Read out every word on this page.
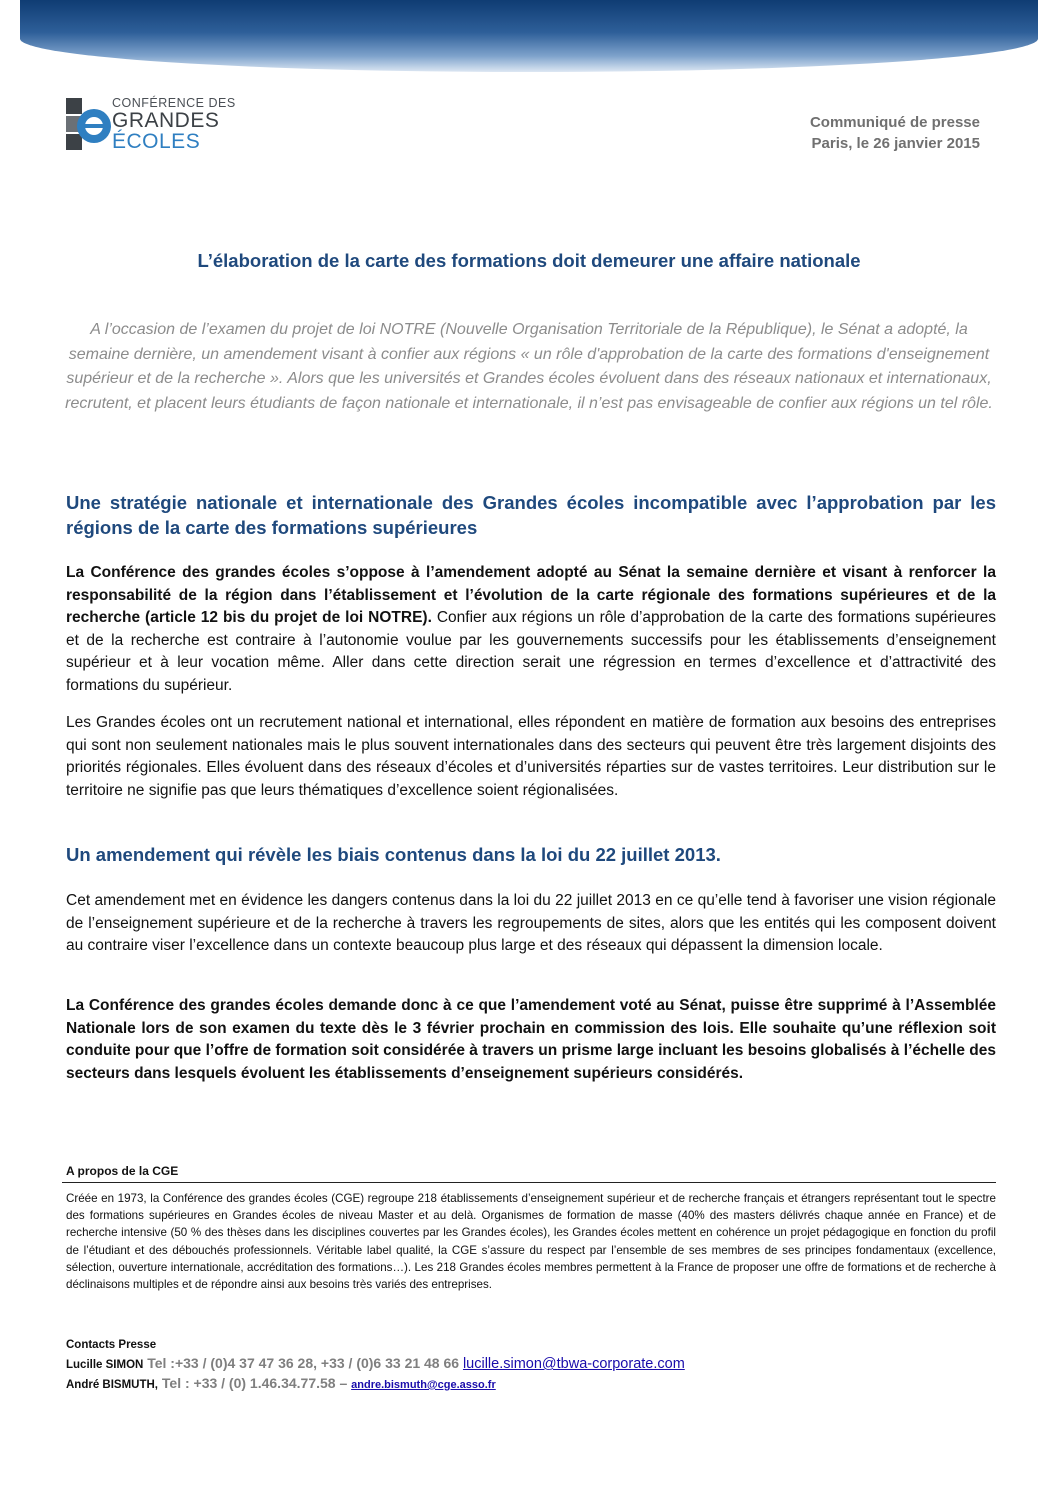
CONFÉRENCE DES
GRANDES
ÉCOLES
Communiqué de presse
Paris, le 26 janvier 2015
L’élaboration de la carte des formations doit demeurer une affaire nationale

A l’occasion de l’examen du projet de loi NOTRE (Nouvelle Organisation Territoriale de la République), le Sénat a adopté, la semaine dernière, un amendement visant à confier aux régions « un rôle d'approbation de la carte des formations d'enseignement supérieur et de la recherche ». Alors que les universités et Grandes écoles évoluent dans des réseaux nationaux et internationaux, recrutent, et placent leurs étudiants de façon nationale et internationale, il n’est pas envisageable de confier aux régions un tel rôle.

Une stratégie nationale et internationale des Grandes écoles incompatible avec l’approbation par les régions de la carte des formations supérieures

La Conférence des grandes écoles s’oppose à l’amendement adopté au Sénat la semaine dernière et visant à renforcer la responsabilité de la région dans l’établissement et l’évolution de la carte régionale des formations supérieures et de la recherche (article 12 bis du projet de loi NOTRE). Confier aux régions un rôle d’approbation de la carte des formations supérieures et de la recherche est contraire à l’autonomie voulue par les gouvernements successifs pour les établissements d’enseignement supérieur et à leur vocation même. Aller dans cette direction serait une régression en termes d’excellence et d’attractivité des formations du supérieur.

Les Grandes écoles ont un recrutement national et international, elles répondent en matière de formation aux besoins des entreprises qui sont non seulement nationales mais le plus souvent internationales dans des secteurs qui peuvent être très largement disjoints des priorités régionales. Elles évoluent dans des réseaux d’écoles et d’universités réparties sur de vastes territoires. Leur distribution sur le territoire ne signifie pas que leurs thématiques d’excellence soient régionalisées.

Un amendement qui révèle les biais contenus dans la loi du 22 juillet 2013.

Cet amendement met en évidence les dangers contenus dans la loi du 22 juillet 2013 en ce qu’elle tend à favoriser une vision régionale de l’enseignement supérieure et de la recherche à travers les regroupements de sites, alors que les entités qui les composent doivent au contraire viser l’excellence dans un contexte beaucoup plus large et des réseaux qui dépassent la dimension locale.

La Conférence des grandes écoles demande donc à ce que l’amendement voté au Sénat, puisse être supprimé à l’Assemblée Nationale lors de son examen du texte dès le 3 février prochain en commission des lois. Elle souhaite qu’une réflexion soit conduite pour que l’offre de formation soit considérée à travers un prisme large incluant les besoins globalisés à l’échelle des secteurs dans lesquels évoluent les établissements d’enseignement supérieurs considérés.

A propos de la CGE

Créée en 1973, la Conférence des grandes écoles (CGE) regroupe 218 établissements d’enseignement supérieur et de recherche français et étrangers représentant tout le spectre des formations supérieures en Grandes écoles de niveau Master et au delà. Organismes de formation de masse (40% des masters délivrés chaque année en France) et de recherche intensive (50 % des thèses dans les disciplines couvertes par les Grandes écoles), les Grandes écoles mettent en cohérence un projet pédagogique en fonction du profil de l’étudiant et des débouchés professionnels. Véritable label qualité, la CGE s’assure du respect par l’ensemble de ses membres de ses principes fondamentaux (excellence, sélection, ouverture internationale, accréditation des formations…). Les 218 Grandes écoles membres permettent à la France de proposer une offre de formations et de recherche à déclinaisons multiples et de répondre ainsi aux besoins très variés des entreprises.

Contacts Presse
Lucille SIMON Tel :+33 / (0)4 37 47 36 28, +33 / (0)6 33 21 48 66 lucille.simon@tbwa-corporate.com
André BISMUTH, Tel : +33 / (0) 1.46.34.77.58 – andre.bismuth@cge.asso.fr
